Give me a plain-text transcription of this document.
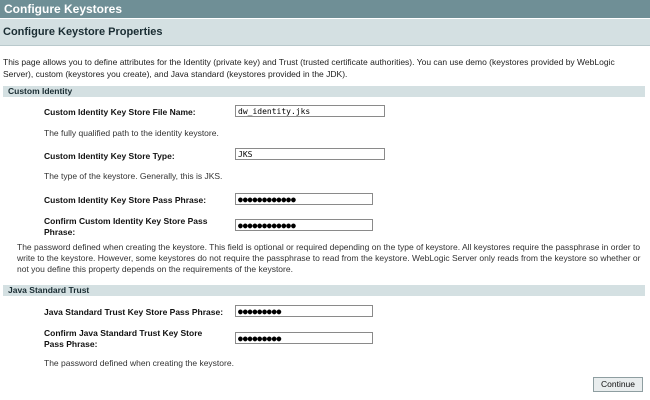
Configure Keystores
Configure Keystore Properties
This page allows you to define attributes for the Identity (private key) and Trust (trusted certificate authorities). You can use demo (keystores provided by WebLogic Server), custom (keystores you create), and Java standard (keystores provided in the JDK).
Custom Identity
Custom Identity Key Store File Name:
dw_identity.jks
The fully qualified path to the identity keystore.
Custom Identity Key Store Type:
JKS
The type of the keystore. Generally, this is JKS.
Custom Identity Key Store Pass Phrase:
●●●●●●●●●●●●
Confirm Custom Identity Key Store Pass
Phrase:
●●●●●●●●●●●●
The password defined when creating the keystore. This field is optional or required depending on the type of keystore. All keystores require the passphrase in order to write to the keystore. However, some keystores do not require the passphrase to read from the keystore. WebLogic Server only reads from the keystore so whether or not you define this property depends on the requirements of the keystore.
Java Standard Trust
Java Standard Trust Key Store Pass Phrase:
●●●●●●●●●
Confirm Java Standard Trust Key Store
Pass Phrase:
●●●●●●●●●
The password defined when creating the keystore.
Continue
